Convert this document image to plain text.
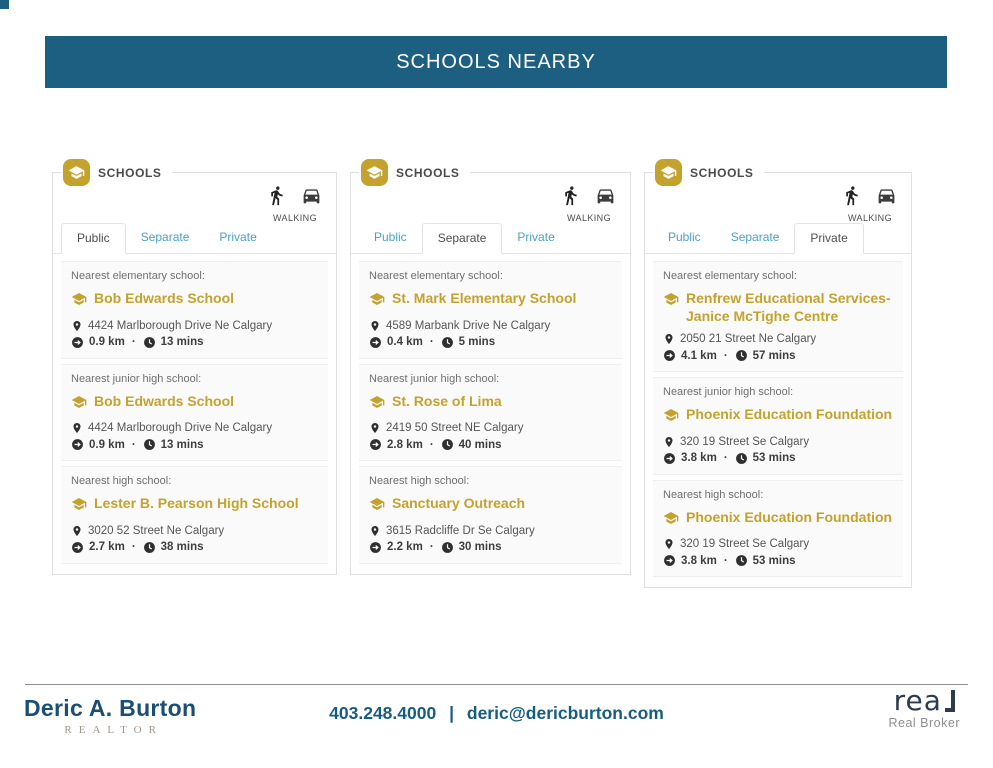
SCHOOLS NEARBY
SCHOOLS
WALKING
Public	Separate	Private
Nearest elementary school:
Bob Edwards School
4424 Marlborough Drive Ne Calgary
0.9 km · 13 mins
Nearest junior high school:
Bob Edwards School
4424 Marlborough Drive Ne Calgary
0.9 km · 13 mins
Nearest high school:
Lester B. Pearson High School
3020 52 Street Ne Calgary
2.7 km · 38 mins
SCHOOLS
WALKING
Public	Separate	Private
Nearest elementary school:
St. Mark Elementary School
4589 Marbank Drive Ne Calgary
0.4 km · 5 mins
Nearest junior high school:
St. Rose of Lima
2419 50 Street NE Calgary
2.8 km · 40 mins
Nearest high school:
Sanctuary Outreach
3615 Radcliffe Dr Se Calgary
2.2 km · 30 mins
SCHOOLS
WALKING
Public	Separate	Private
Nearest elementary school:
Renfrew Educational Services- Janice McTighe Centre
2050 21 Street Ne Calgary
4.1 km · 57 mins
Nearest junior high school:
Phoenix Education Foundation
320 19 Street Se Calgary
3.8 km · 53 mins
Nearest high school:
Phoenix Education Foundation
320 19 Street Se Calgary
3.8 km · 53 mins
Deric A. Burton
REALTOR
403.248.4000 | deric@dericburton.com	rea
Real Broker
